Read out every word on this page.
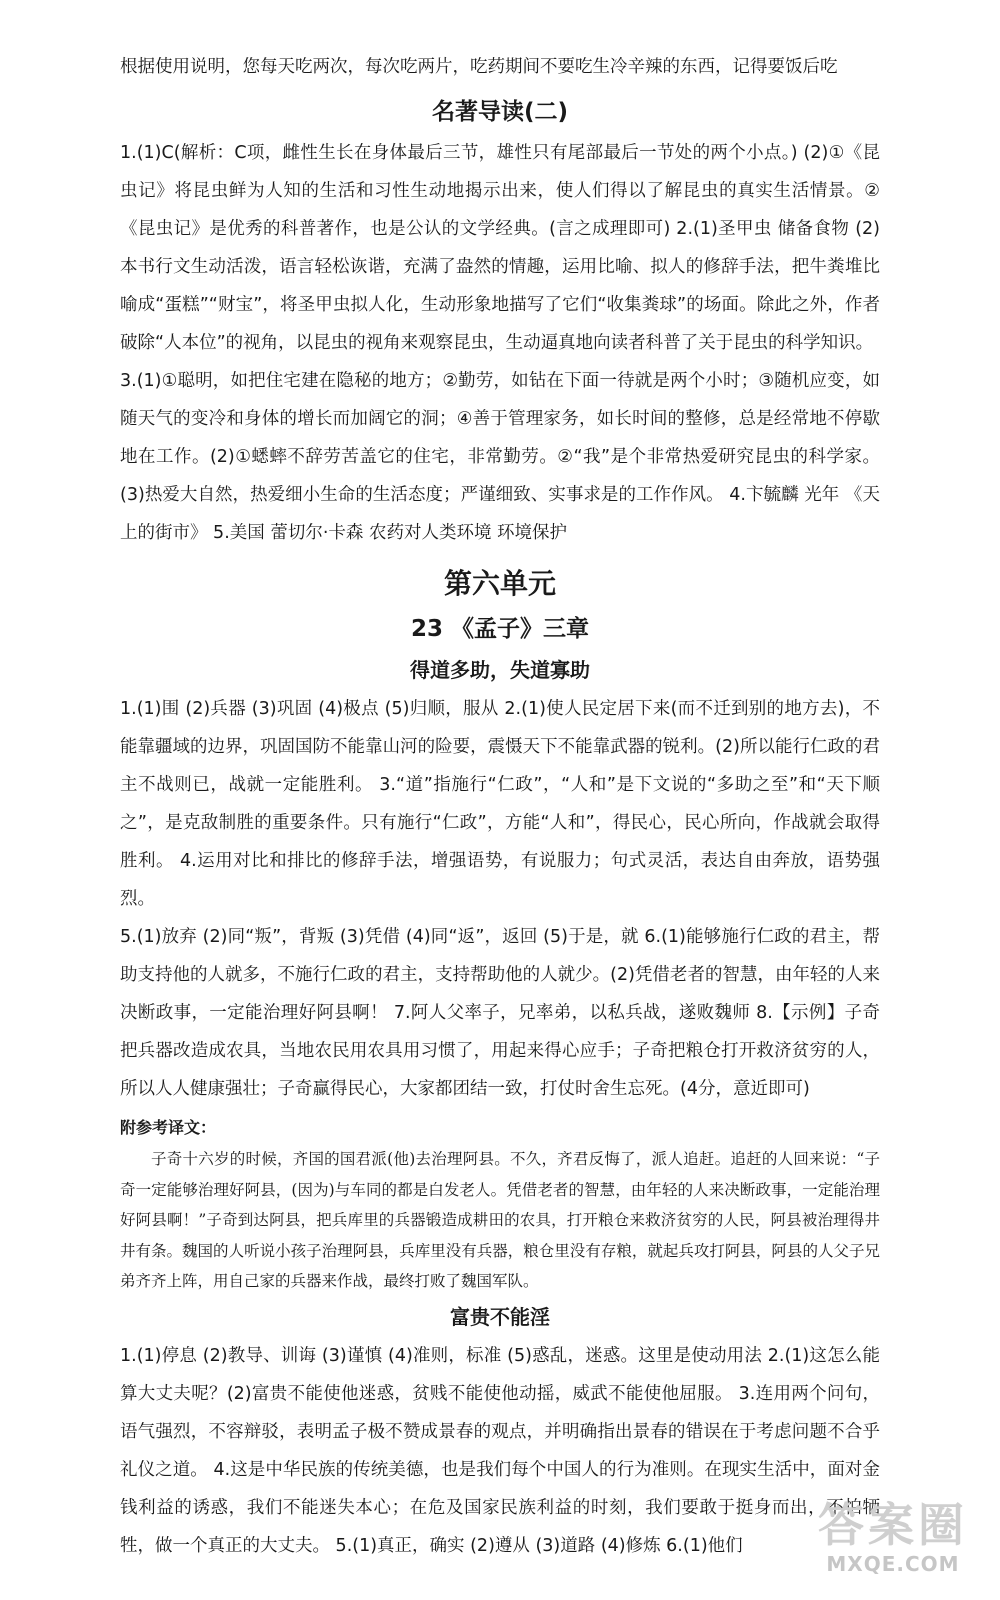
根据使用说明，您每天吃两次，每次吃两片，吃药期间不要吃生冷辛辣的东西，记得要饭后吃

名著导读(二)

1.(1)C(解析：C项，雌性生长在身体最后三节，雄性只有尾部最后一节处的两个小点。) (2)①《昆虫记》将昆虫鲜为人知的生活和习性生动地揭示出来，使人们得以了解昆虫的真实生活情景。②《昆虫记》是优秀的科普著作，也是公认的文学经典。(言之成理即可) 2.(1)圣甲虫 储备食物 (2)本书行文生动活泼，语言轻松诙谐，充满了盎然的情趣，运用比喻、拟人的修辞手法，把牛粪堆比喻成“蛋糕”“财宝”，将圣甲虫拟人化，生动形象地描写了它们“收集粪球”的场面。除此之外，作者破除“人本位”的视角，以昆虫的视角来观察昆虫，生动逼真地向读者科普了关于昆虫的科学知识。

3.(1)①聪明，如把住宅建在隐秘的地方；②勤劳，如钻在下面一待就是两个小时；③随机应变，如随天气的变冷和身体的增长而加阔它的洞；④善于管理家务，如长时间的整修，总是经常地不停歇地在工作。(2)①蟋蟀不辞劳苦盖它的住宅，非常勤劳。②“我”是个非常热爱研究昆虫的科学家。(3)热爱大自然，热爱细小生命的生活态度；严谨细致、实事求是的工作作风。 4.卞毓麟 光年 《天上的街市》 5.美国 蕾切尔·卡森 农药对人类环境 环境保护

第六单元
23 《孟子》三章
得道多助，失道寡助

1.(1)围 (2)兵器 (3)巩固 (4)极点 (5)归顺，服从 2.(1)使人民定居下来(而不迁到别的地方去)，不能靠疆域的边界，巩固国防不能靠山河的险要，震慑天下不能靠武器的锐利。(2)所以能行仁政的君主不战则已，战就一定能胜利。 3.“道”指施行“仁政”，“人和”是下文说的“多助之至”和“天下顺之”，是克敌制胜的重要条件。只有施行“仁政”，方能“人和”，得民心，民心所向，作战就会取得胜利。 4.运用对比和排比的修辞手法，增强语势，有说服力；句式灵活，表达自由奔放，语势强烈。

5.(1)放弃 (2)同“叛”，背叛 (3)凭借 (4)同“返”，返回 (5)于是，就 6.(1)能够施行仁政的君主，帮助支持他的人就多，不施行仁政的君主，支持帮助他的人就少。(2)凭借老者的智慧，由年轻的人来决断政事，一定能治理好阿县啊！ 7.阿人父率子，兄率弟，以私兵战，遂败魏师 8.【示例】子奇把兵器改造成农具，当地农民用农具用习惯了，用起来得心应手；子奇把粮仓打开救济贫穷的人，所以人人健康强壮；子奇赢得民心，大家都团结一致，打仗时舍生忘死。(4分，意近即可)

附参考译文：

子奇十六岁的时候，齐国的国君派(他)去治理阿县。不久，齐君反悔了，派人追赶。追赶的人回来说：“子奇一定能够治理好阿县，(因为)与车同的都是白发老人。凭借老者的智慧，由年轻的人来决断政事，一定能治理好阿县啊！”子奇到达阿县，把兵库里的兵器锻造成耕田的农具，打开粮仓来救济贫穷的人民，阿县被治理得井井有条。魏国的人听说小孩子治理阿县，兵库里没有兵器，粮仓里没有存粮，就起兵攻打阿县，阿县的人父子兄弟齐齐上阵，用自己家的兵器来作战，最终打败了魏国军队。

富贵不能淫

1.(1)停息 (2)教导、训诲 (3)谨慎 (4)准则，标准 (5)惑乱，迷惑。这里是使动用法 2.(1)这怎么能算大丈夫呢？(2)富贵不能使他迷惑，贫贱不能使他动摇，威武不能使他屈服。 3.连用两个问句，语气强烈，不容辩驳，表明孟子极不赞成景春的观点，并明确指出景春的错误在于考虑问题不合乎礼仪之道。 4.这是中华民族的传统美德，也是我们每个中国人的行为准则。在现实生活中，面对金钱利益的诱惑，我们不能迷失本心；在危及国家民族利益的时刻，我们要敢于挺身而出，不怕牺牲，做一个真正的大丈夫。 5.(1)真正，确实 (2)遵从 (3)道路 (4)修炼 6.(1)他们	答案圈
MXQE.COM
